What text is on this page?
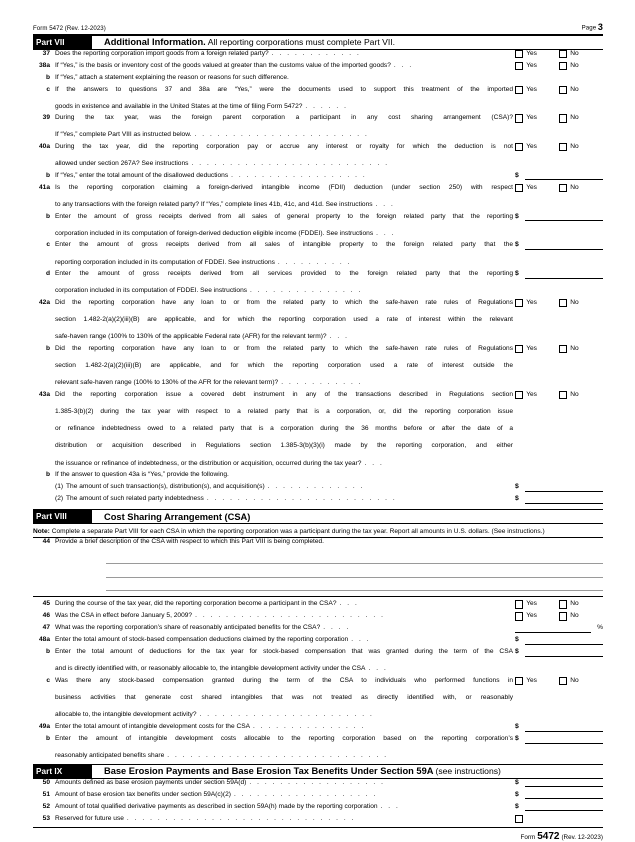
Form 5472 (Rev. 12-2023)	Page 3
Part VII	Additional Information. All reporting corporations must complete Part VII.
37 Does the reporting corporation import goods from a foreign related party? . . . . . . . . . . . .	Yes	No
38a If “Yes,” is the basis or inventory cost of the goods valued at greater than the customs value of the imported goods? . . .	Yes	No
b If “Yes,” attach a statement explaining the reason or reasons for such difference.
c If the answers to questions 37 and 38a are “Yes,” were the documents used to support this treatment of the imported
goods in existence and available in the United States at the time of filing Form 5472? . . . . . .
Yes	No
39 During the tax year, was the foreign parent corporation a participant in any cost sharing arrangement (CSA)?
If “Yes,” complete Part VIII as instructed below. . . . . . . . . . . . . . . . . . . . . . . .
Yes	No
40a During the tax year, did the reporting corporation pay or accrue any interest or royalty for which the deduction is not
allowed under section 267A? See instructions . . . . . . . . . . . . . . . . . . . . . . . . . .
Yes	No
b If “Yes,” enter the total amount of the disallowed deductions . . . . . . . . . . . . . . . . . .	$
41a Is the reporting corporation claiming a foreign-derived intangible income (FDII) deduction (under section 250) with respect
to any transactions with the foreign related party? If “Yes,” complete lines 41b, 41c, and 41d. See instructions . . .
Yes	No
b Enter the amount of gross receipts derived from all sales of general property to the foreign related party that the reporting
corporation included in its computation of foreign-derived deduction eligible income (FDDEI). See instructions . . .
$
c Enter the amount of gross receipts derived from all sales of intangible property to the foreign related party that the
reporting corporation included in its computation of FDDEI. See instructions . . . . . . . . . .
$
d Enter the amount of gross receipts derived from all services provided to the foreign related party that the reporting
corporation included in its computation of FDDEI. See instructions . . . . . . . . . . . . . . .
$
42a Did the reporting corporation have any loan to or from the related party to which the safe-haven rate rules of Regulations
section 1.482-2(a)(2)(iii)(B) are applicable, and for which the reporting corporation used a rate of interest within the relevant
safe-haven range (100% to 130% of the applicable Federal rate (AFR) for the relevant term)? . . .
Yes	No
b Did the reporting corporation have any loan to or from the related party to which the safe-haven rate rules of Regulations
section 1.482-2(a)(2)(iii)(B) are applicable, and for which the reporting corporation used a rate of interest outside the
relevant safe-haven range (100% to 130% of the AFR for the relevant term)? . . . . . . . . . . .
Yes	No
43a Did the reporting corporation issue a covered debt instrument in any of the transactions described in Regulations section
1.385-3(b)(2) during the tax year with respect to a related party that is a corporation, or, did the reporting corporation issue
or refinance indebtedness owed to a related party that is a corporation during the 36 months before or after the date of a
distribution or acquisition described in Regulations section 1.385-3(b)(3)(i) made by the reporting corporation, and either
the issuance or refinance of indebtedness, or the distribution or acquisition, occurred during the tax year? . . .
Yes	No
b If the answer to question 43a is “Yes,” provide the following.
(1) The amount of such transaction(s), distribution(s), and acquisition(s) . . . . . . . . . . . . .	$
(2) The amount of such related party indebtedness . . . . . . . . . . . . . . . . . . . . . . . . .	$
Part VIII	Cost Sharing Arrangement (CSA)
Note: Complete a separate Part VIII for each CSA in which the reporting corporation was a participant during the tax year. Report all amounts in U.S. dollars. (See instructions.)
44 Provide a brief description of the CSA with respect to which this Part VIII is being completed.
45 During the course of the tax year, did the reporting corporation become a participant in the CSA? . . .	Yes	No
46 Was the CSA in effect before January 5, 2009? . . . . . . . . . . . . . . . . . . . . . . . . .	Yes	No
47 What was the reporting corporation’s share of reasonably anticipated benefits for the CSA? . . . .	%
48a Enter the total amount of stock-based compensation deductions claimed by the reporting corporation . . .	$
b Enter the total amount of deductions for the tax year for stock-based compensation that was granted during the term of the CSA
and is directly identified with, or reasonably allocable to, the intangible development activity under the CSA . . .
$
c Was there any stock-based compensation granted during the term of the CSA to individuals who performed functions in
business activities that generate cost shared intangibles that was not treated as directly identified with, or reasonably
allocable to, the intangible development activity? . . . . . . . . . . . . . . . . . . . . . . .
Yes	No
49a Enter the total amount of intangible development costs for the CSA . . . . . . . . . . . . . . .	$
b Enter the amount of intangible development costs allocable to the reporting corporation based on the reporting corporation’s
reasonably anticipated benefits share . . . . . . . . . . . . . . . . . . . . . . . . . . . . .
$
Part IX	Base Erosion Payments and Base Erosion Tax Benefits Under Section 59A (see instructions)
50 Amounts defined as base erosion payments under section 59A(d) . . . . . . . . . . . . . . . . . .	$
51 Amount of base erosion tax benefits under section 59A(c)(2) . . . . . . . . . . . . . . . . . . .	$
52 Amount of total qualified derivative payments as described in section 59A(h) made by the reporting corporation . . .	$
53 Reserved for future use . . . . . . . . . . . . . . . . . . . . . . . . . . . . . .
Form 5472 (Rev. 12-2023)
